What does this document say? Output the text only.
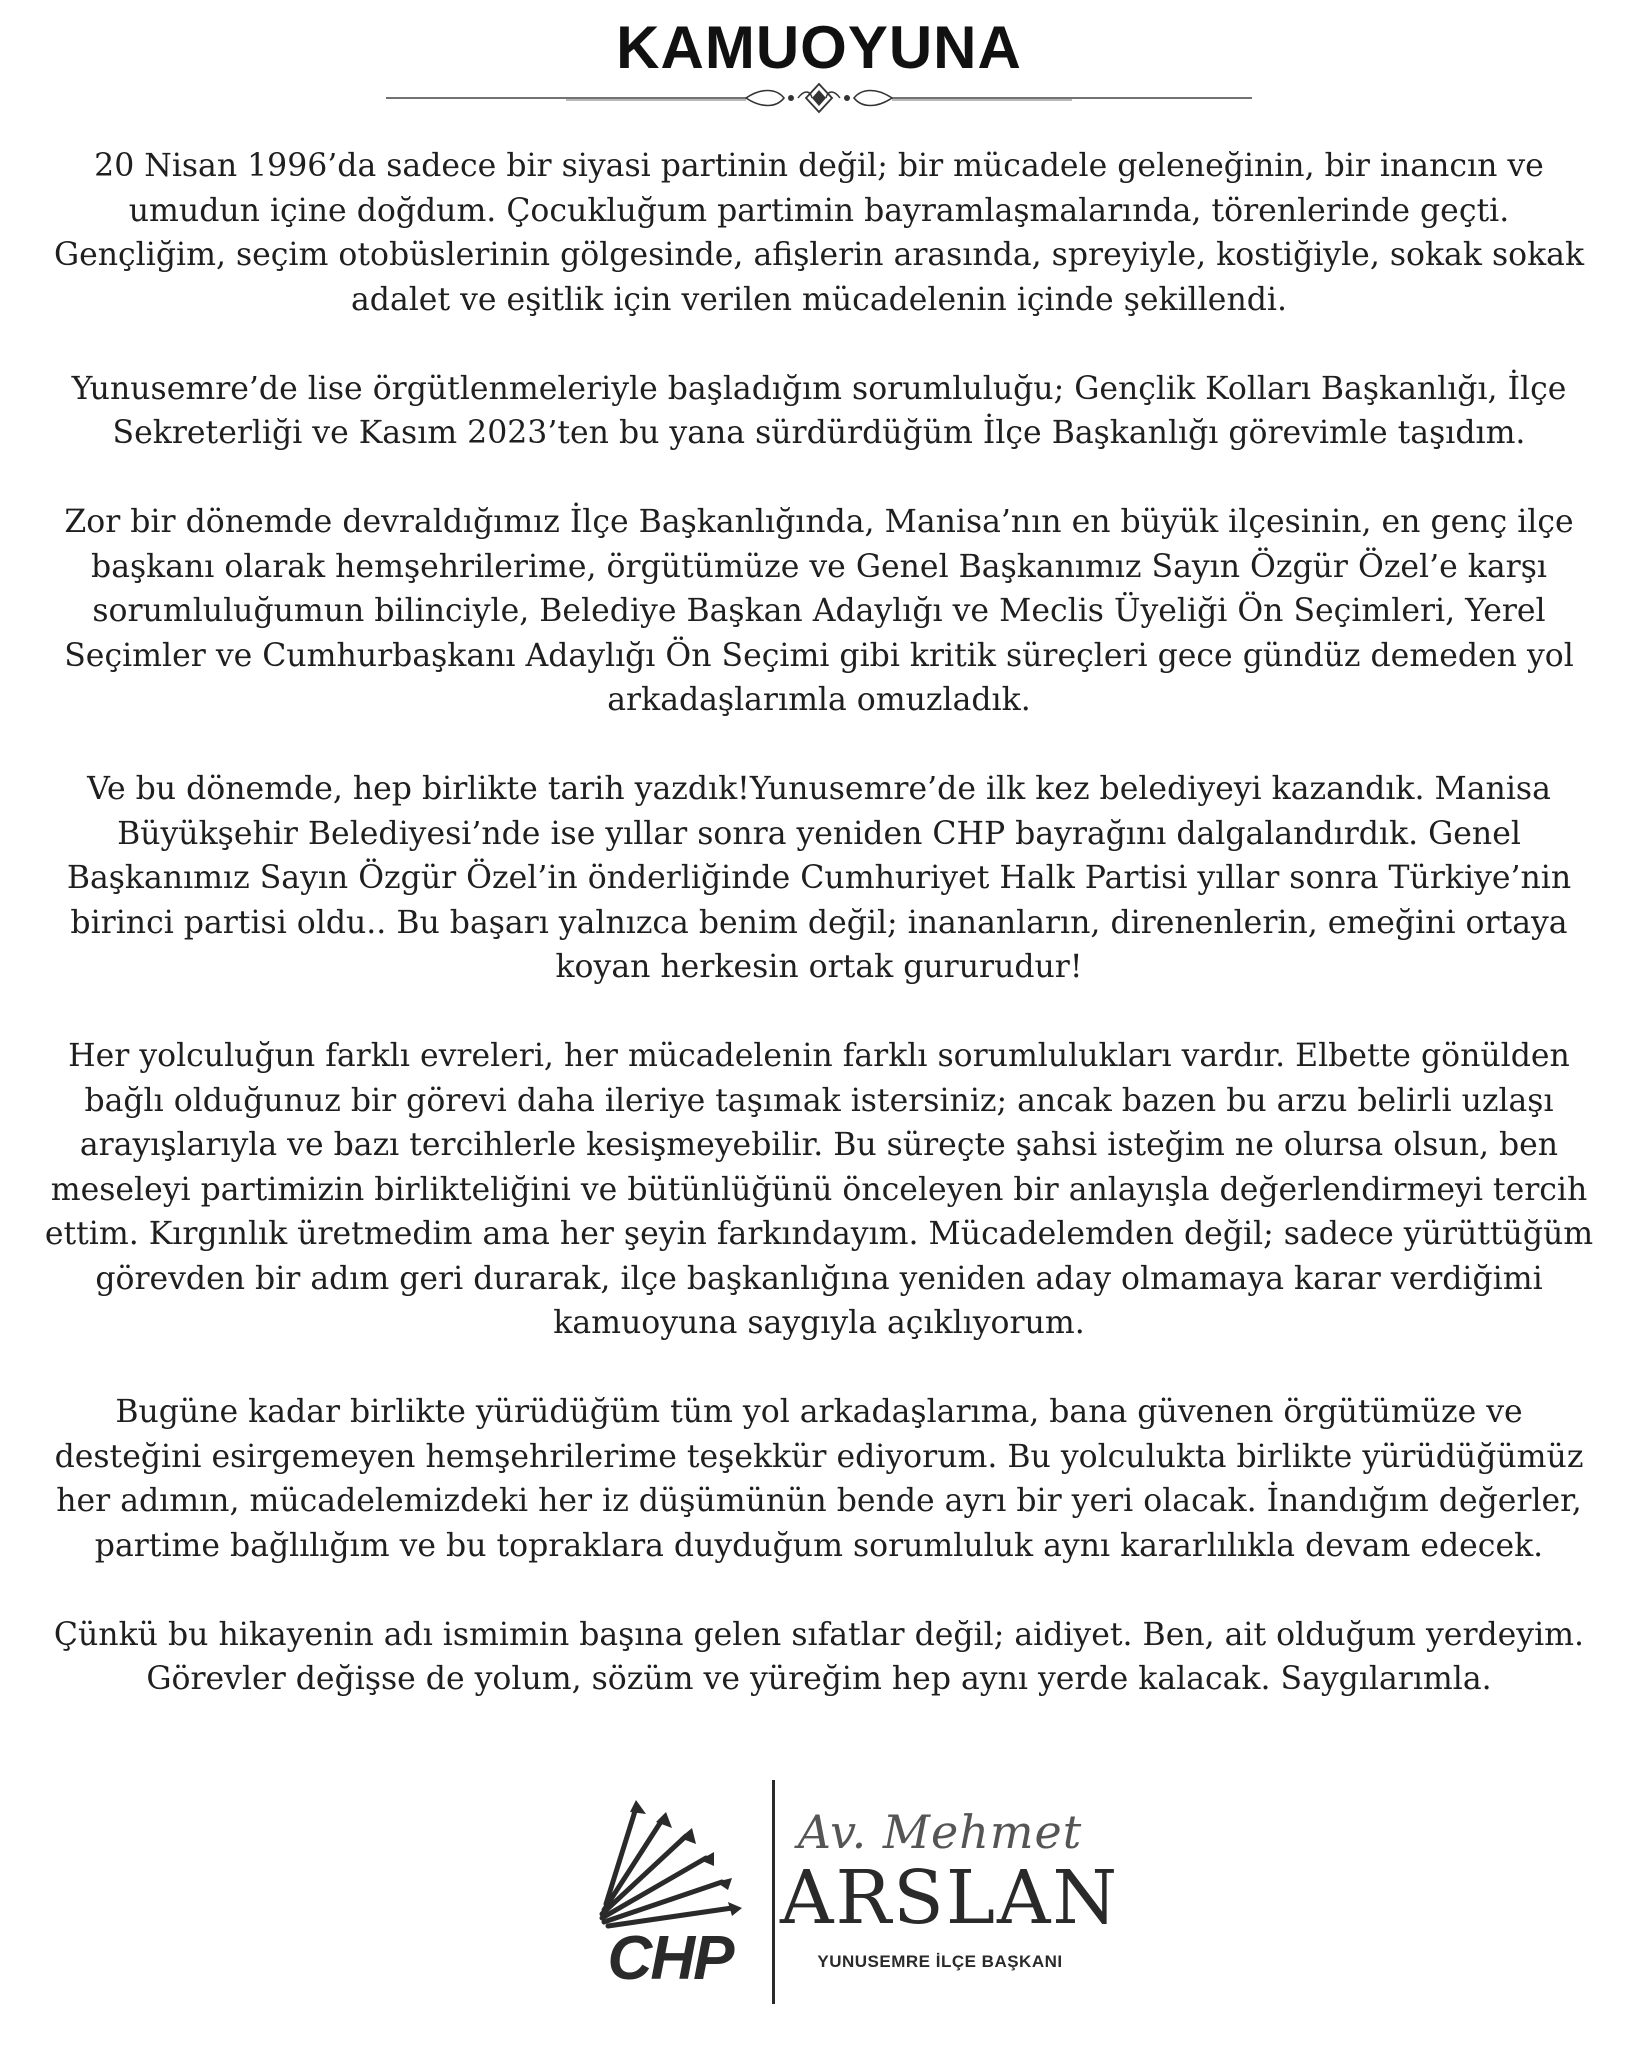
KAMUOYUNA

20 Nisan 1996’da sadece bir siyasi partinin değil; bir mücadele geleneğinin, bir inancın ve umudun içine doğdum. Çocukluğum partimin bayramlaşmalarında, törenlerinde geçti. Gençliğim, seçim otobüslerinin gölgesinde, afişlerin arasında, spreyiyle, kostiğiyle, sokak sokak adalet ve eşitlik için verilen mücadelenin içinde şekillendi.

Yunusemre’de lise örgütlenmeleriyle başladığım sorumluluğu; Gençlik Kolları Başkanlığı, İlçe Sekreterliği ve Kasım 2023’ten bu yana sürdürdüğüm İlçe Başkanlığı görevimle taşıdım.

Zor bir dönemde devraldığımız İlçe Başkanlığında, Manisa’nın en büyük ilçesinin, en genç ilçe başkanı olarak hemşehrilerime, örgütümüze ve Genel Başkanımız Sayın Özgür Özel’e karşı sorumluluğumun bilinciyle, Belediye Başkan Adaylığı ve Meclis Üyeliği Ön Seçimleri, Yerel Seçimler ve Cumhurbaşkanı Adaylığı Ön Seçimi gibi kritik süreçleri gece gündüz demeden yol arkadaşlarımla omuzladık.

Ve bu dönemde, hep birlikte tarih yazdık!Yunusemre’de ilk kez belediyeyi kazandık. Manisa Büyükşehir Belediyesi’nde ise yıllar sonra yeniden CHP bayrağını dalgalandırdık. Genel Başkanımız Sayın Özgür Özel’in önderliğinde Cumhuriyet Halk Partisi yıllar sonra Türkiye’nin birinci partisi oldu.. Bu başarı yalnızca benim değil; inananların, direnenlerin, emeğini ortaya koyan herkesin ortak gururudur!

Her yolculuğun farklı evreleri, her mücadelenin farklı sorumlulukları vardır. Elbette gönülden bağlı olduğunuz bir görevi daha ileriye taşımak istersiniz; ancak bazen bu arzu belirli uzlaşı arayışlarıyla ve bazı tercihlerle kesişmeyebilir. Bu süreçte şahsi isteğim ne olursa olsun, ben meseleyi partimizin birlikteliğini ve bütünlüğünü önceleyen bir anlayışla değerlendirmeyi tercih ettim. Kırgınlık üretmedim ama her şeyin farkındayım. Mücadelemden değil; sadece yürüttüğüm görevden bir adım geri durarak, ilçe başkanlığına yeniden aday olmamaya karar verdiğimi kamuoyuna saygıyla açıklıyorum.

Bugüne kadar birlikte yürüdüğüm tüm yol arkadaşlarıma, bana güvenen örgütümüze ve desteğini esirgemeyen hemşehrilerime teşekkür ediyorum. Bu yolculukta birlikte yürüdüğümüz her adımın, mücadelemizdeki her iz düşümünün bende ayrı bir yeri olacak. İnandığım değerler, partime bağlılığım ve bu topraklara duyduğum sorumluluk aynı kararlılıkla devam edecek.

Çünkü bu hikayenin adı ismimin başına gelen sıfatlar değil; aidiyet. Ben, ait olduğum yerdeyim. Görevler değişse de yolum, sözüm ve yüreğim hep aynı yerde kalacak. Saygılarımla.

CHP
Av. Mehmet
ARSLAN
YUNUSEMRE İLÇE BAŞKANI
